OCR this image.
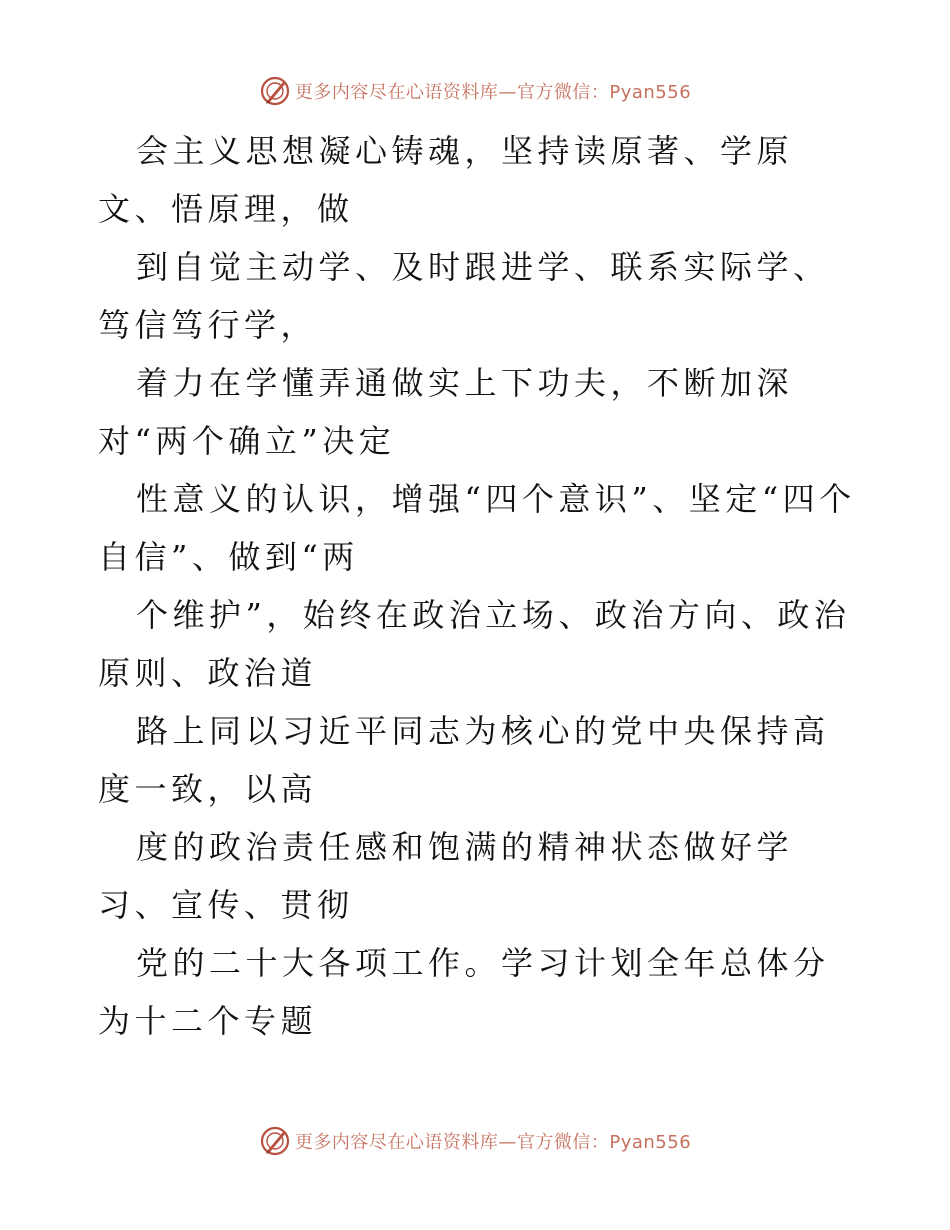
更多内容尽在心语资料库—官方微信：Pyan556

会主义思想凝心铸魂，坚持读原著、学原文、悟原理，做

到自觉主动学、及时跟进学、联系实际学、笃信笃行学，

着力在学懂弄通做实上下功夫，不断加深对“两个确立”决定

性意义的认识，增强“四个意识”、坚定“四个自信”、做到“两

个维护”，始终在政治立场、政治方向、政治原则、政治道

路上同以习近平同志为核心的党中央保持高度一致，以高

度的政治责任感和饱满的精神状态做好学习、宣传、贯彻

党的二十大各项工作。学习计划全年总体分为十二个专题

更多内容尽在心语资料库—官方微信：Pyan556
